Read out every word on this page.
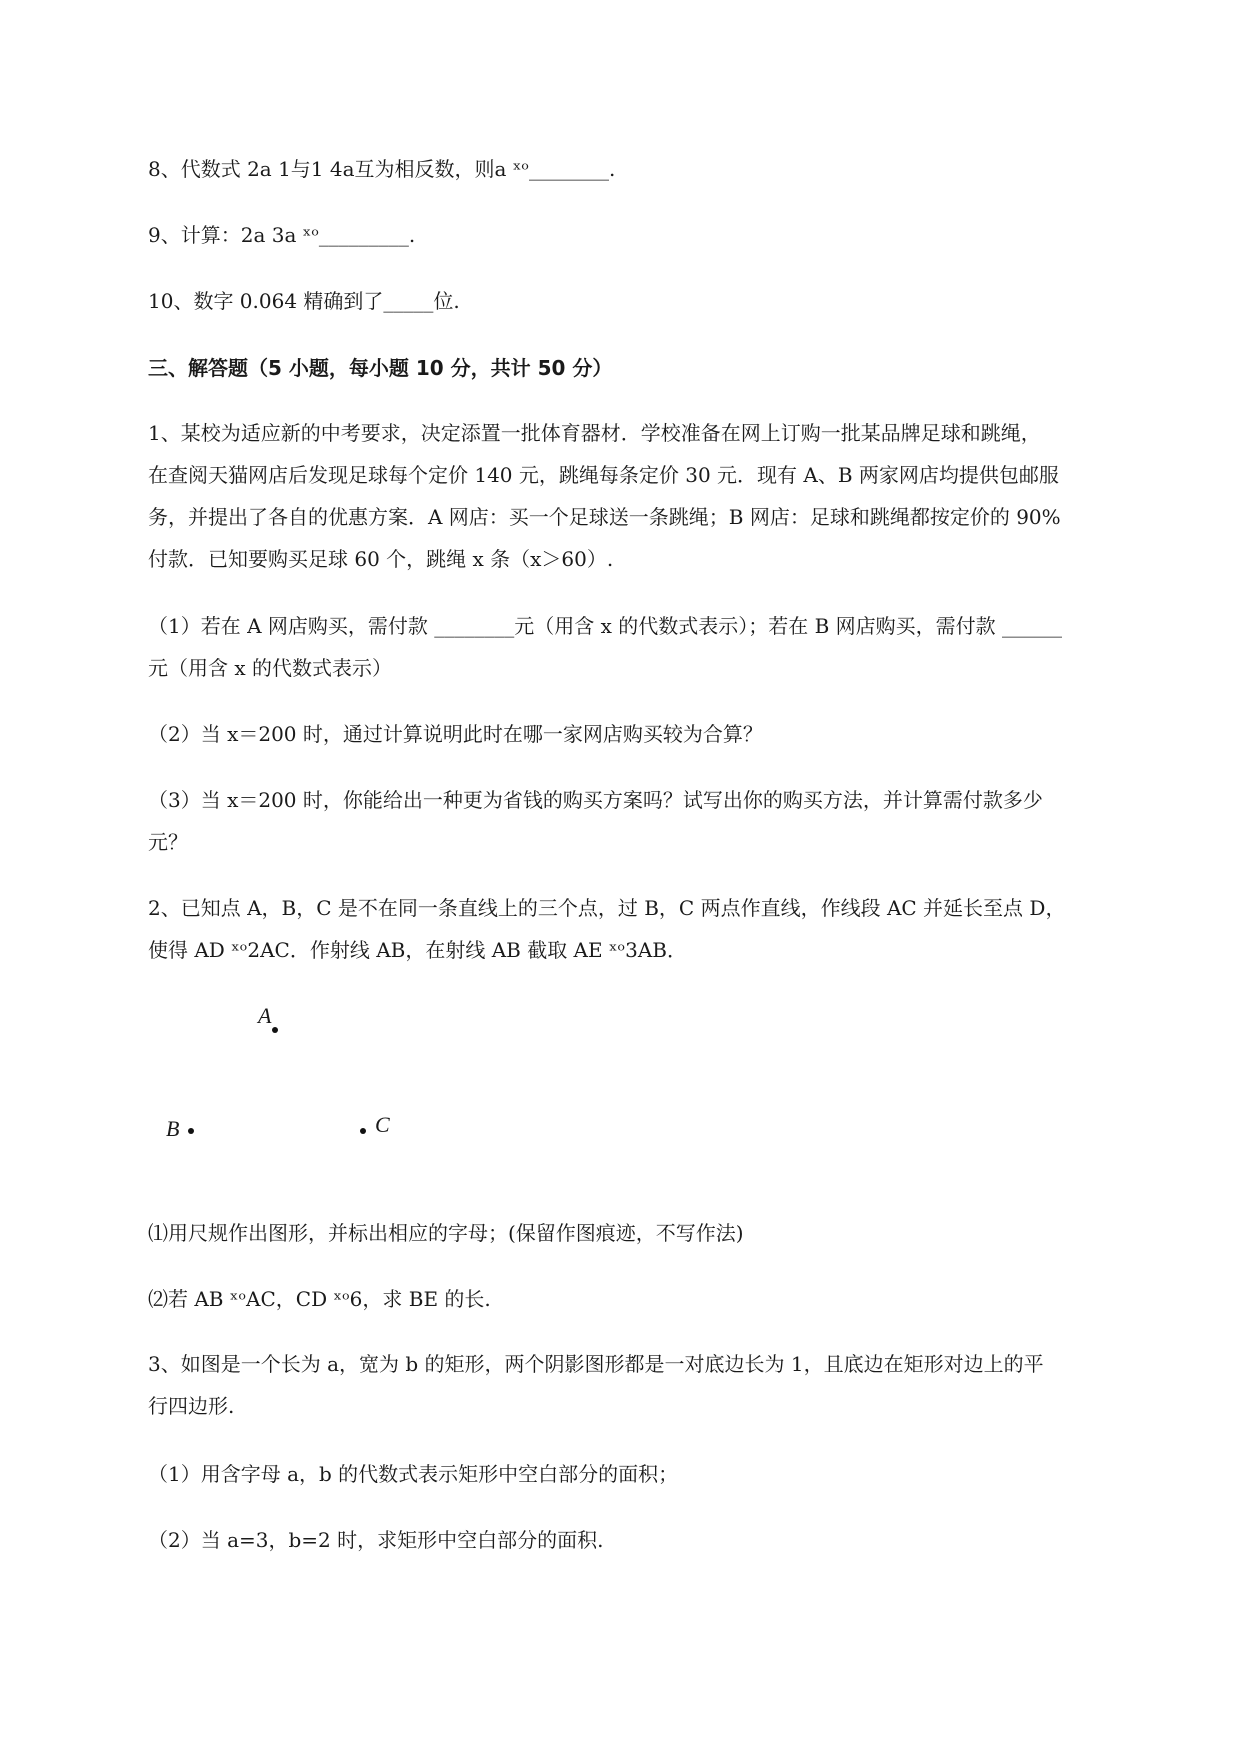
8、代数式 2a 1与1 4a互为相反数，则a ˣᵒ________.
9、计算：2a 3a ˣᵒ_________.
10、数字 0.064 精确到了_____位.
三、解答题（5 小题，每小题 10 分，共计 50 分）
1、某校为适应新的中考要求，决定添置一批体育器材．学校准备在网上订购一批某品牌足球和跳绳，
在查阅天猫网店后发现足球每个定价 140 元，跳绳每条定价 30 元．现有 A、B 两家网店均提供包邮服
务，并提出了各自的优惠方案．A 网店：买一个足球送一条跳绳；B 网店：足球和跳绳都按定价的 90%
付款．已知要购买足球 60 个，跳绳 x 条（x＞60）.
（1）若在 A 网店购买，需付款 ________元（用含 x 的代数式表示）；若在 B 网店购买，需付款 ______
元（用含 x 的代数式表示）
（2）当 x＝200 时，通过计算说明此时在哪一家网店购买较为合算？
（3）当 x＝200 时，你能给出一种更为省钱的购买方案吗？试写出你的购买方法，并计算需付款多少
元？
2、已知点 A，B，C 是不在同一条直线上的三个点，过 B，C 两点作直线，作线段 AC 并延长至点 D，
使得 AD ˣᵒ2AC．作射线 AB，在射线 AB 截取 AE ˣᵒ3AB．
⑴用尺规作出图形，并标出相应的字母；(保留作图痕迹，不写作法)
⑵若 AB ˣᵒAC，CD ˣᵒ6，求 BE 的长.
3、如图是一个长为 a，宽为 b 的矩形，两个阴影图形都是一对底边长为 1，且底边在矩形对边上的平
行四边形.
（1）用含字母 a，b 的代数式表示矩形中空白部分的面积；
（2）当 a=3，b=2 时，求矩形中空白部分的面积.
A
B	C
